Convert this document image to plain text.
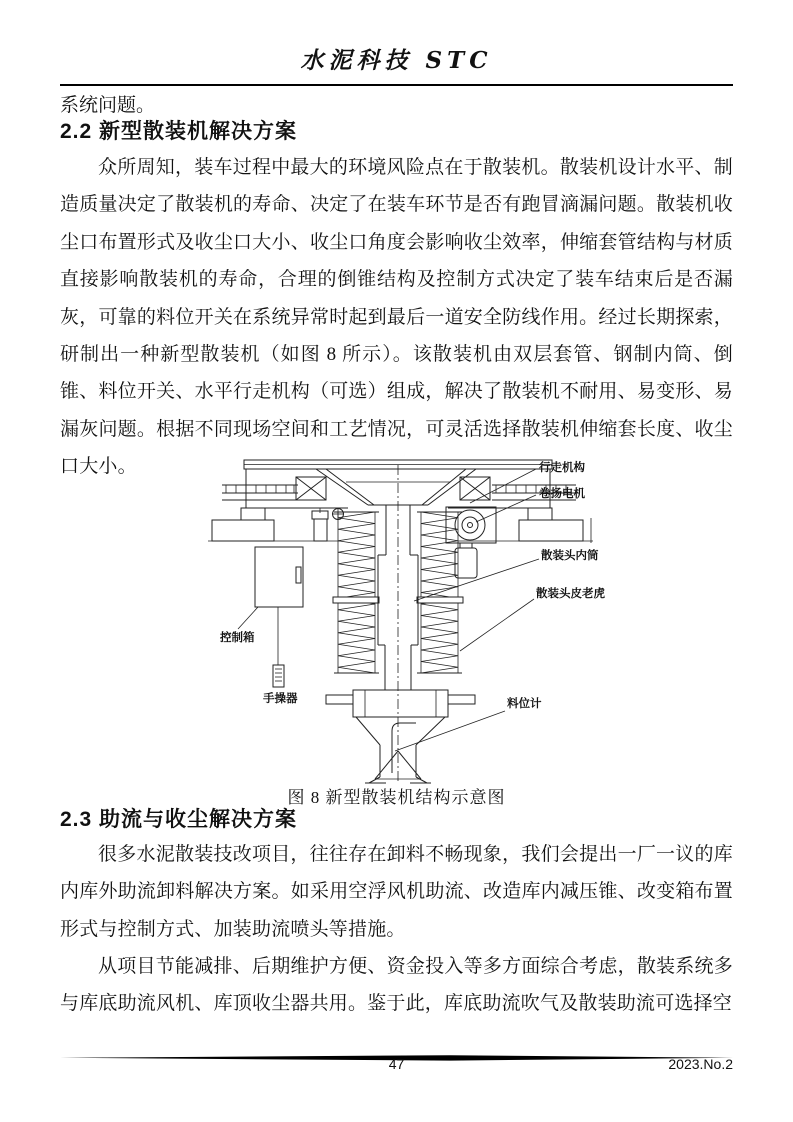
水泥科技 STC
系统问题。
2.2 新型散装机解决方案
众所周知，装车过程中最大的环境风险点在于散装机。散装机设计水平、制造质量决定了散装机的寿命、决定了在装车环节是否有跑冒滴漏问题。散装机收尘口布置形式及收尘口大小、收尘口角度会影响收尘效率，伸缩套管结构与材质直接影响散装机的寿命，合理的倒锥结构及控制方式决定了装车结束后是否漏灰，可靠的料位开关在系统异常时起到最后一道安全防线作用。经过长期探索，研制出一种新型散装机（如图 8 所示）。该散装机由双层套管、钢制内筒、倒锥、料位开关、水平行走机构（可选）组成，解决了散装机不耐用、易变形、易漏灰问题。根据不同现场空间和工艺情况，可灵活选择散装机伸缩套长度、收尘口大小。	行走机构
卷扬电机
散装头内筒
散装头皮老虎
控制箱
手操器	料位计
图 8 新型散装机结构示意图
2.3 助流与收尘解决方案
很多水泥散装技改项目，往往存在卸料不畅现象，我们会提出一厂一议的库内库外助流卸料解决方案。如采用空浮风机助流、改造库内减压锥、改变箱布置形式与控制方式、加装助流喷头等措施。
从项目节能减排、后期维护方便、资金投入等多方面综合考虑，散装系统多与库底助流风机、库顶收尘器共用。鉴于此，库底助流吹气及散装助流可选择空
47	2023.No.2
